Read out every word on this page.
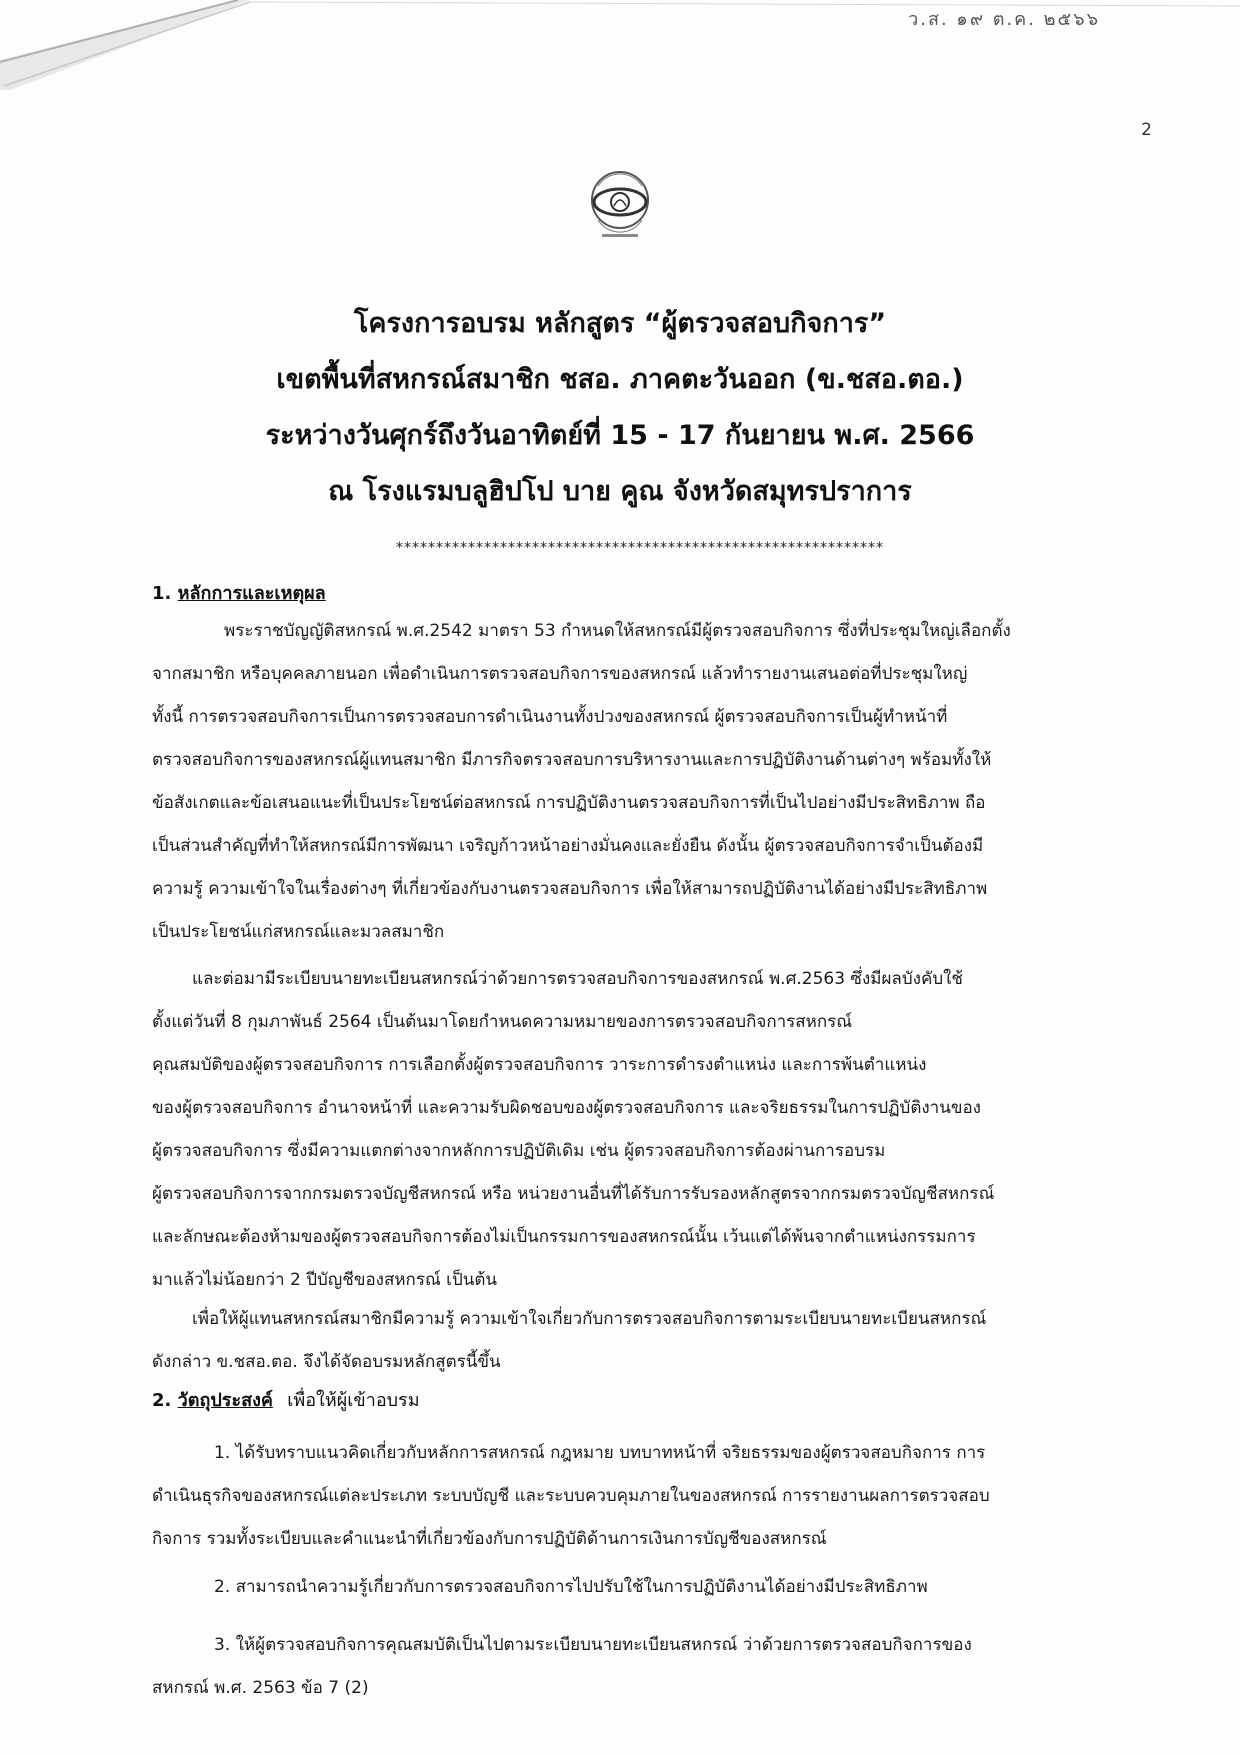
ว.ส. ๑๙ ต.ค. ๒๕๖๖
2
โครงการอบรม หลักสูตร “ผู้ตรวจสอบกิจการ”
เขตพื้นที่สหกรณ์สมาชิก ชสอ. ภาคตะวันออก (ข.ชสอ.ตอ.)
ระหว่างวันศุกร์ถึงวันอาทิตย์ที่ 15 - 17 กันยายน พ.ศ. 2566
ณ โรงแรมบลูฮิปโป บาย คูณ จังหวัดสมุทรปราการ
*************************************************************
1. หลักการและเหตุผล
พระราชบัญญัติสหกรณ์ พ.ศ.2542 มาตรา 53 กำหนดให้สหกรณ์มีผู้ตรวจสอบกิจการ ซึ่งที่ประชุมใหญ่เลือกตั้ง
จากสมาชิก หรือบุคคลภายนอก เพื่อดำเนินการตรวจสอบกิจการของสหกรณ์ แล้วทำรายงานเสนอต่อที่ประชุมใหญ่
ทั้งนี้ การตรวจสอบกิจการเป็นการตรวจสอบการดำเนินงานทั้งปวงของสหกรณ์ ผู้ตรวจสอบกิจการเป็นผู้ทำหน้าที่
ตรวจสอบกิจการของสหกรณ์ผู้แทนสมาชิก มีภารกิจตรวจสอบการบริหารงานและการปฏิบัติงานด้านต่างๆ พร้อมทั้งให้
ข้อสังเกตและข้อเสนอแนะที่เป็นประโยชน์ต่อสหกรณ์ การปฏิบัติงานตรวจสอบกิจการที่เป็นไปอย่างมีประสิทธิภาพ ถือ
เป็นส่วนสำคัญที่ทำให้สหกรณ์มีการพัฒนา เจริญก้าวหน้าอย่างมั่นคงและยั่งยืน ดังนั้น ผู้ตรวจสอบกิจการจำเป็นต้องมี
ความรู้ ความเข้าใจในเรื่องต่างๆ ที่เกี่ยวข้องกับงานตรวจสอบกิจการ เพื่อให้สามารถปฏิบัติงานได้อย่างมีประสิทธิภาพ
เป็นประโยชน์แก่สหกรณ์และมวลสมาชิก
และต่อมามีระเบียบนายทะเบียนสหกรณ์ว่าด้วยการตรวจสอบกิจการของสหกรณ์ พ.ศ.2563 ซึ่งมีผลบังคับใช้
ตั้งแต่วันที่ 8 กุมภาพันธ์ 2564 เป็นต้นมาโดยกำหนดความหมายของการตรวจสอบกิจการสหกรณ์
คุณสมบัติของผู้ตรวจสอบกิจการ การเลือกตั้งผู้ตรวจสอบกิจการ วาระการดำรงตำแหน่ง และการพ้นตำแหน่ง
ของผู้ตรวจสอบกิจการ อำนาจหน้าที่ และความรับผิดชอบของผู้ตรวจสอบกิจการ และจริยธรรมในการปฏิบัติงานของ
ผู้ตรวจสอบกิจการ ซึ่งมีความแตกต่างจากหลักการปฏิบัติเดิม เช่น ผู้ตรวจสอบกิจการต้องผ่านการอบรม
ผู้ตรวจสอบกิจการจากกรมตรวจบัญชีสหกรณ์ หรือ หน่วยงานอื่นที่ได้รับการรับรองหลักสูตรจากกรมตรวจบัญชีสหกรณ์
และลักษณะต้องห้ามของผู้ตรวจสอบกิจการต้องไม่เป็นกรรมการของสหกรณ์นั้น เว้นแต่ได้พ้นจากตำแหน่งกรรมการ
มาแล้วไม่น้อยกว่า 2 ปีบัญชีของสหกรณ์ เป็นต้น
เพื่อให้ผู้แทนสหกรณ์สมาชิกมีความรู้ ความเข้าใจเกี่ยวกับการตรวจสอบกิจการตามระเบียบนายทะเบียนสหกรณ์
ดังกล่าว ข.ชสอ.ตอ. จึงได้จัดอบรมหลักสูตรนี้ขึ้น
2. วัตถุประสงค์ เพื่อให้ผู้เข้าอบรม
1. ได้รับทราบแนวคิดเกี่ยวกับหลักการสหกรณ์ กฎหมาย บทบาทหน้าที่ จริยธรรมของผู้ตรวจสอบกิจการ การ
ดำเนินธุรกิจของสหกรณ์แต่ละประเภท ระบบบัญชี และระบบควบคุมภายในของสหกรณ์ การรายงานผลการตรวจสอบ
กิจการ รวมทั้งระเบียบและคำแนะนำที่เกี่ยวข้องกับการปฏิบัติด้านการเงินการบัญชีของสหกรณ์
2. สามารถนำความรู้เกี่ยวกับการตรวจสอบกิจการไปปรับใช้ในการปฏิบัติงานได้อย่างมีประสิทธิภาพ
3. ให้ผู้ตรวจสอบกิจการคุณสมบัติเป็นไปตามระเบียบนายทะเบียนสหกรณ์ ว่าด้วยการตรวจสอบกิจการของ
สหกรณ์ พ.ศ. 2563 ข้อ 7 (2)
